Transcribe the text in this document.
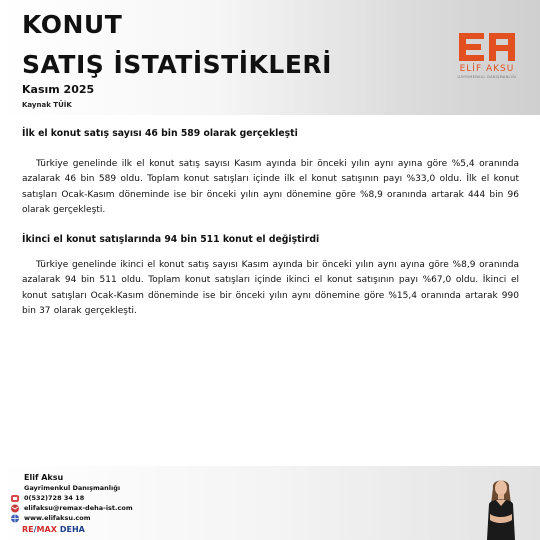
KONUT
SATIŞ İSTATİSTİKLERİ
Kasım 2025
Kaynak TÜİK
ELİF AKSU
GAYRİMENKUL DANIŞMANLIĞI
İlk el konut satış sayısı 46 bin 589 olarak gerçekleşti

Türkiye genelinde ilk el konut satış sayısı Kasım ayında bir önceki yılın aynı ayına göre %5,4 oranında azalarak 46 bin 589 oldu. Toplam konut satışları içinde ilk el konut satışının payı %33,0 oldu. İlk el konut satışları Ocak-Kasım döneminde ise bir önceki yılın aynı dönemine göre %8,9 oranında artarak 444 bin 96 olarak gerçekleşti.

İkinci el konut satışlarında 94 bin 511 konut el değiştirdi

Türkiye genelinde ikinci el konut satış sayısı Kasım ayında bir önceki yılın aynı ayına göre %8,9 oranında azalarak 94 bin 511 oldu. Toplam konut satışları içinde ikinci el konut satışının payı %67,0 oldu. İkinci el konut satışları Ocak-Kasım döneminde ise bir önceki yılın aynı dönemine göre %15,4 oranında artarak 990 bin 37 olarak gerçekleşti.

Elif Aksu
Gayrimenkul Danışmanlığı
0(532)728 34 18
elifaksu@remax-deha-ist.com
www.elifaksu.com
RE/MAX DEHA
